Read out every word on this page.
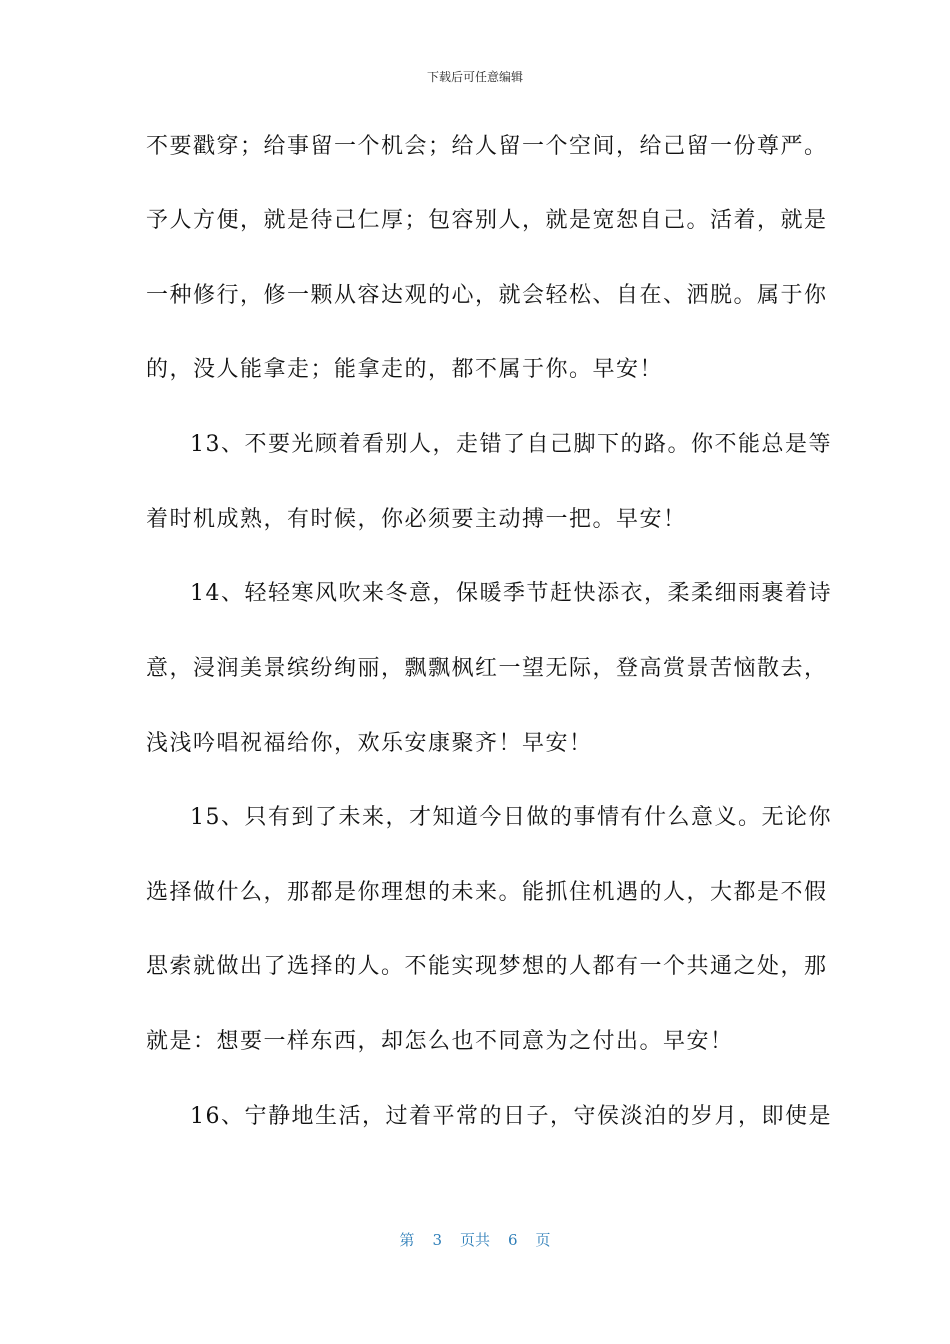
下载后可任意编辑
不要戳穿；给事留一个机会；给人留一个空间，给己留一份尊严。
予人方便，就是待己仁厚；包容别人，就是宽恕自己。活着，就是
一种修行，修一颗从容达观的心，就会轻松、自在、洒脱。属于你
的，没人能拿走；能拿走的，都不属于你。早安！
13、不要光顾着看别人，走错了自己脚下的路。你不能总是等
着时机成熟，有时候，你必须要主动搏一把。早安！
14、轻轻寒风吹来冬意，保暖季节赶快添衣，柔柔细雨裹着诗
意，浸润美景缤纷绚丽，飘飘枫红一望无际，登高赏景苦恼散去，
浅浅吟唱祝福给你，欢乐安康聚齐！早安！
15、只有到了未来，才知道今日做的事情有什么意义。无论你
选择做什么，那都是你理想的未来。能抓住机遇的人，大都是不假
思索就做出了选择的人。不能实现梦想的人都有一个共通之处，那
就是：想要一样东西，却怎么也不同意为之付出。早安！
16、宁静地生活，过着平常的日子，守侯淡泊的岁月，即使是
第 3 页共 6 页
